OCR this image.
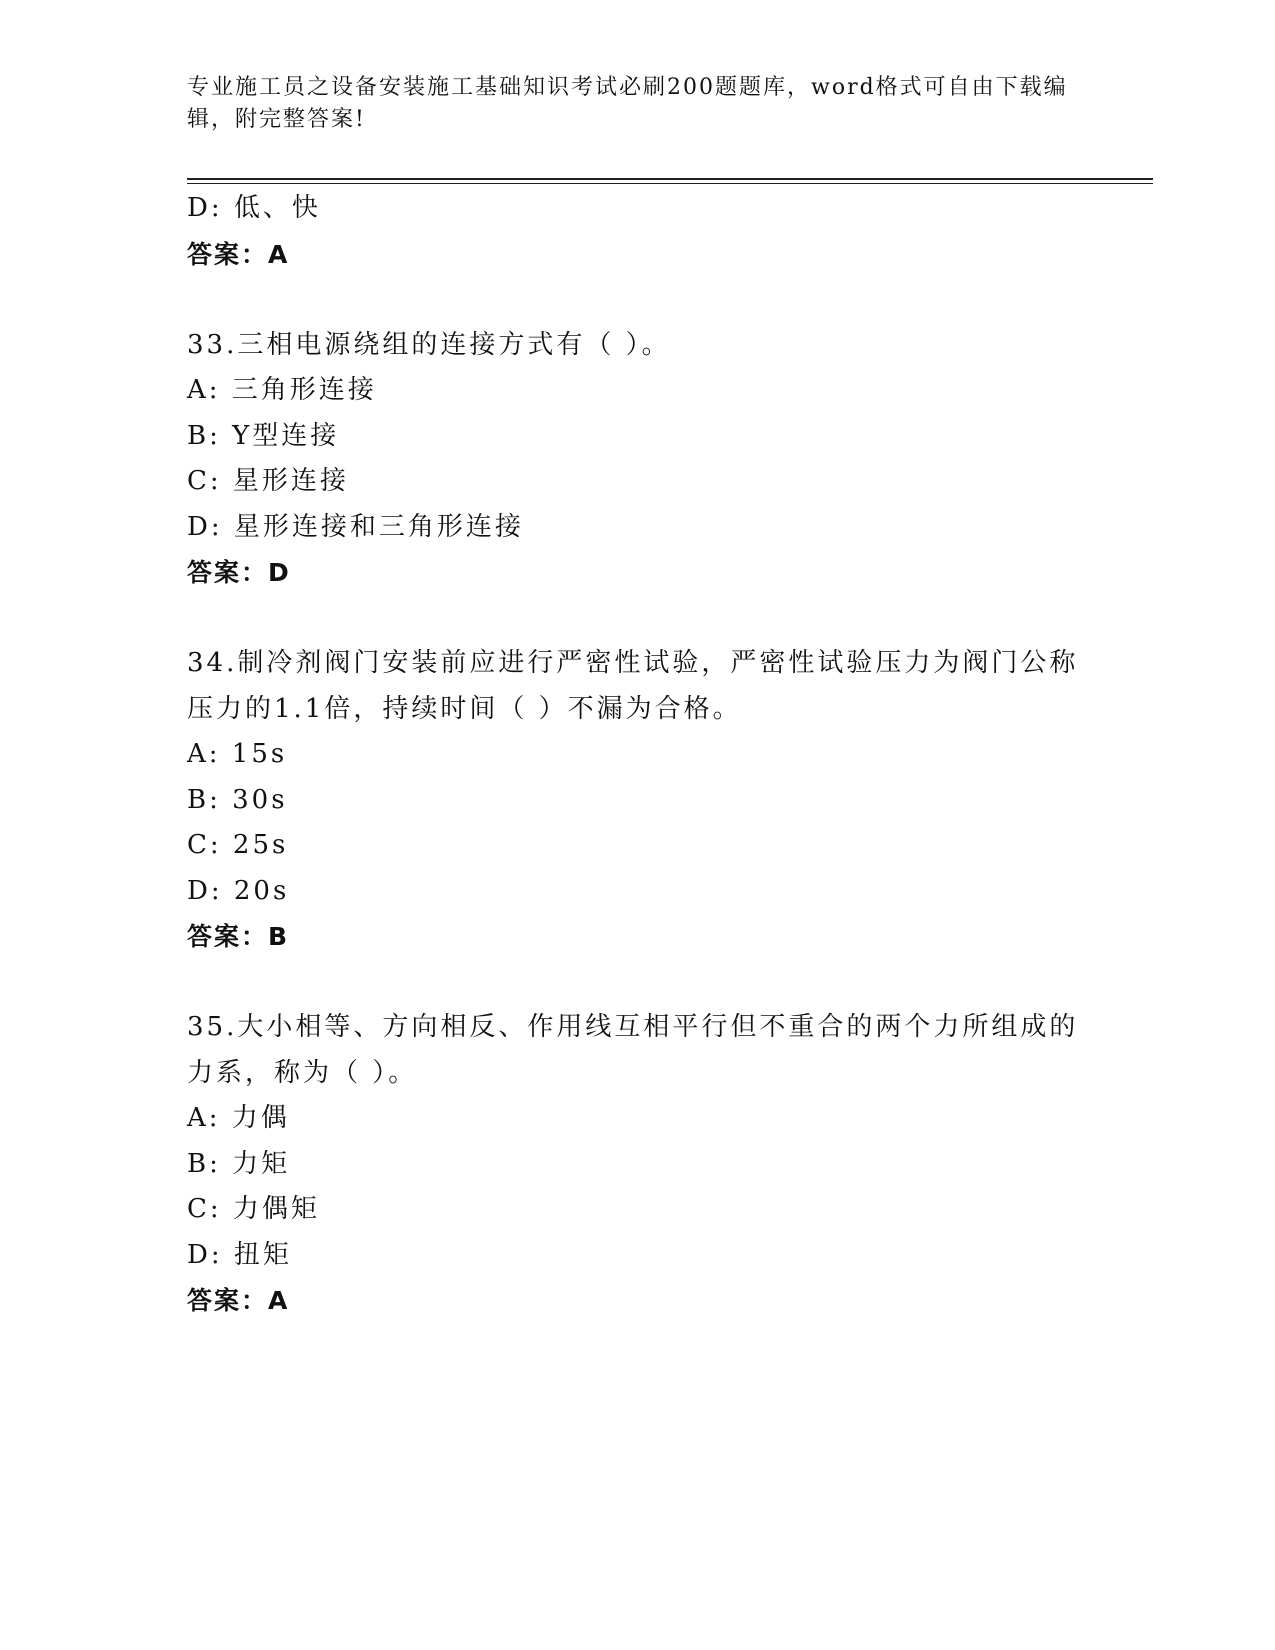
专业施工员之设备安装施工基础知识考试必刷200题题库，word格式可自由下载编辑，附完整答案!
D: 低、快
答案：A
33.三相电源绕组的连接方式有（ ）。
A: 三角形连接
B: Y型连接
C: 星形连接
D: 星形连接和三角形连接
答案：D
34.制冷剂阀门安装前应进行严密性试验，严密性试验压力为阀门公称
压力的1.1倍，持续时间（ ）不漏为合格。
A: 15s
B: 30s
C: 25s
D: 20s
答案：B
35.大小相等、方向相反、作用线互相平行但不重合的两个力所组成的
力系，称为（ ）。
A: 力偶
B: 力矩
C: 力偶矩
D: 扭矩
答案：A
